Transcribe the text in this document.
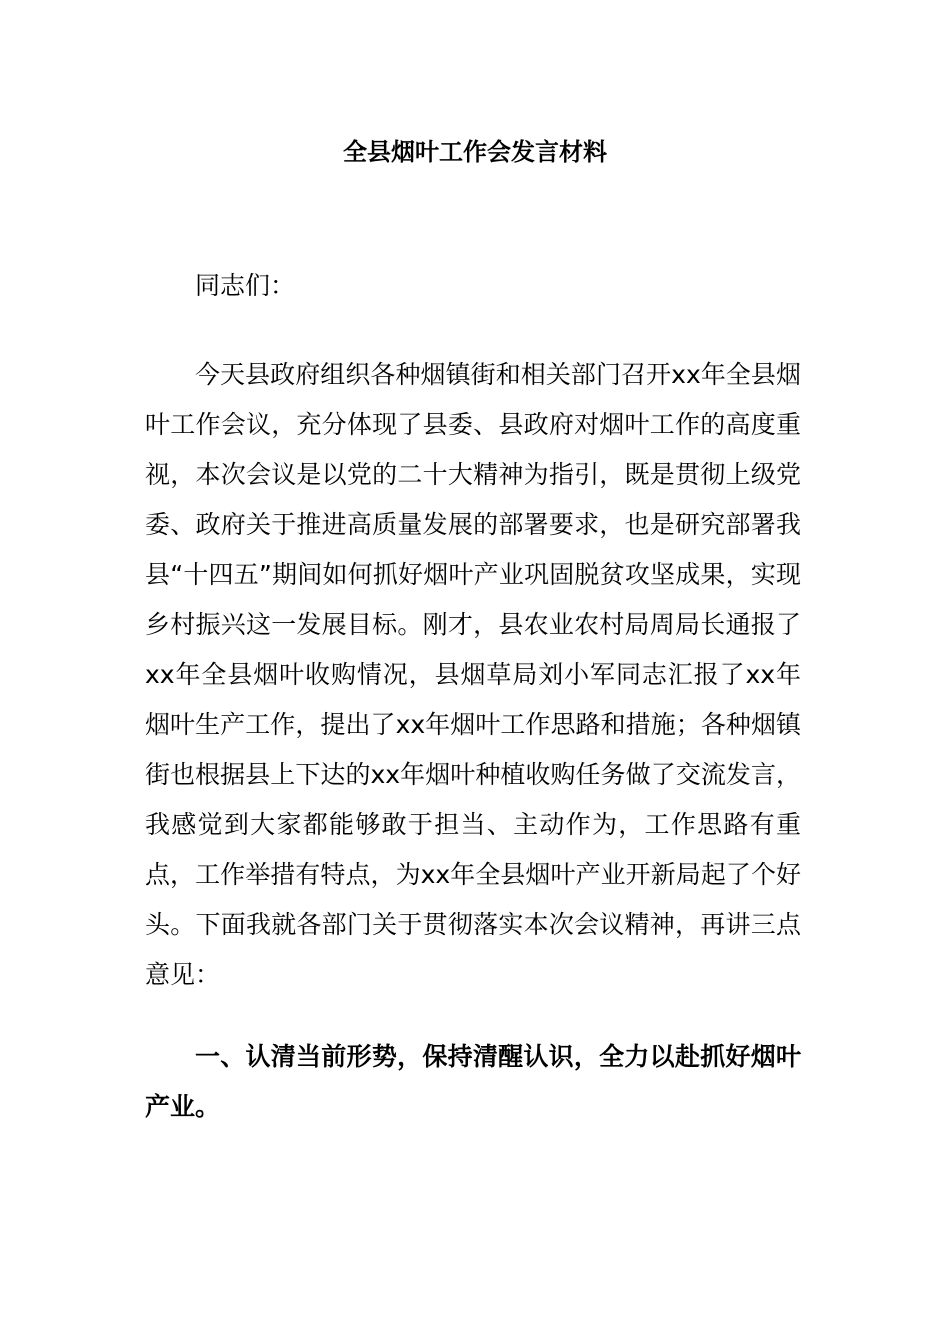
全县烟叶工作会发言材料
同志们：

今天县政府组织各种烟镇街和相关部门召开xx年全县烟叶工作会议，充分体现了县委、县政府对烟叶工作的高度重视，本次会议是以党的二十大精神为指引，既是贯彻上级党委、政府关于推进高质量发展的部署要求，也是研究部署我县“十四五”期间如何抓好烟叶产业巩固脱贫攻坚成果，实现乡村振兴这一发展目标。刚才，县农业农村局周局长通报了xx年全县烟叶收购情况，县烟草局刘小军同志汇报了xx年烟叶生产工作，提出了xx年烟叶工作思路和措施；各种烟镇街也根据县上下达的xx年烟叶种植收购任务做了交流发言，我感觉到大家都能够敢于担当、主动作为，工作思路有重点，工作举措有特点，为xx年全县烟叶产业开新局起了个好头。下面我就各部门关于贯彻落实本次会议精神，再讲三点意见：

一、认清当前形势，保持清醒认识，全力以赴抓好烟叶产业。
